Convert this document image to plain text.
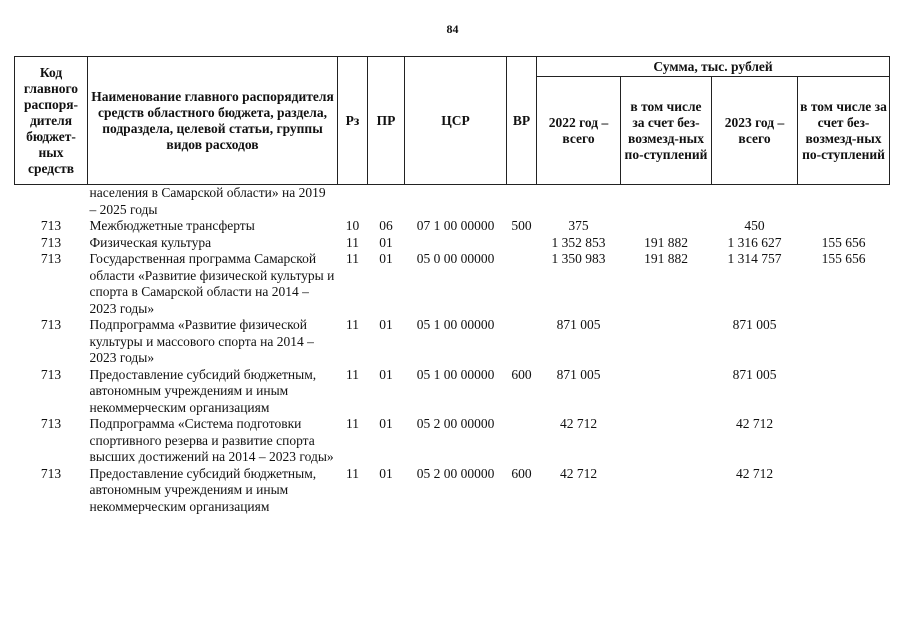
84
Код главного распоря-дителя бюджет-ных средств	Наименование главного распорядителя средств областного бюджета, раздела, подраздела, целевой статьи, группы видов расходов	Рз	ПР	ЦСР	ВР	Сумма, тыс. рублей			
						2022 год – всего	в том числе за счет без-возмезд-ных по-ступлений	2023 год – всего	в том числе за счет без-возмезд-ных по-ступлений
	населения в Самарской области» на 2019 – 2025 годы								
713	Межбюджетные трансферты	10	06	07 1 00 00000	500	375		450	
713	Физическая культура	11	01			1 352 853	191 882	1 316 627	155 656
713	Государственная программа Самарской области «Развитие физической культуры и спорта в Самарской области на 2014 – 2023 годы»	11	01	05 0 00 00000		1 350 983	191 882	1 314 757	155 656
713	Подпрограмма «Развитие физической культуры и массового спорта на 2014 – 2023 годы»	11	01	05 1 00 00000		871 005		871 005	
713	Предоставление субсидий бюджетным, автономным учреждениям и иным некоммерческим организациям	11	01	05 1 00 00000	600	871 005		871 005	
713	Подпрограмма «Система подготовки спортивного резерва и развитие спорта высших достижений на 2014 – 2023 годы»	11	01	05 2 00 00000		42 712		42 712	
713	Предоставление субсидий бюджетным, автономным учреждениям и иным некоммерческим организациям	11	01	05 2 00 00000	600	42 712		42 712	
